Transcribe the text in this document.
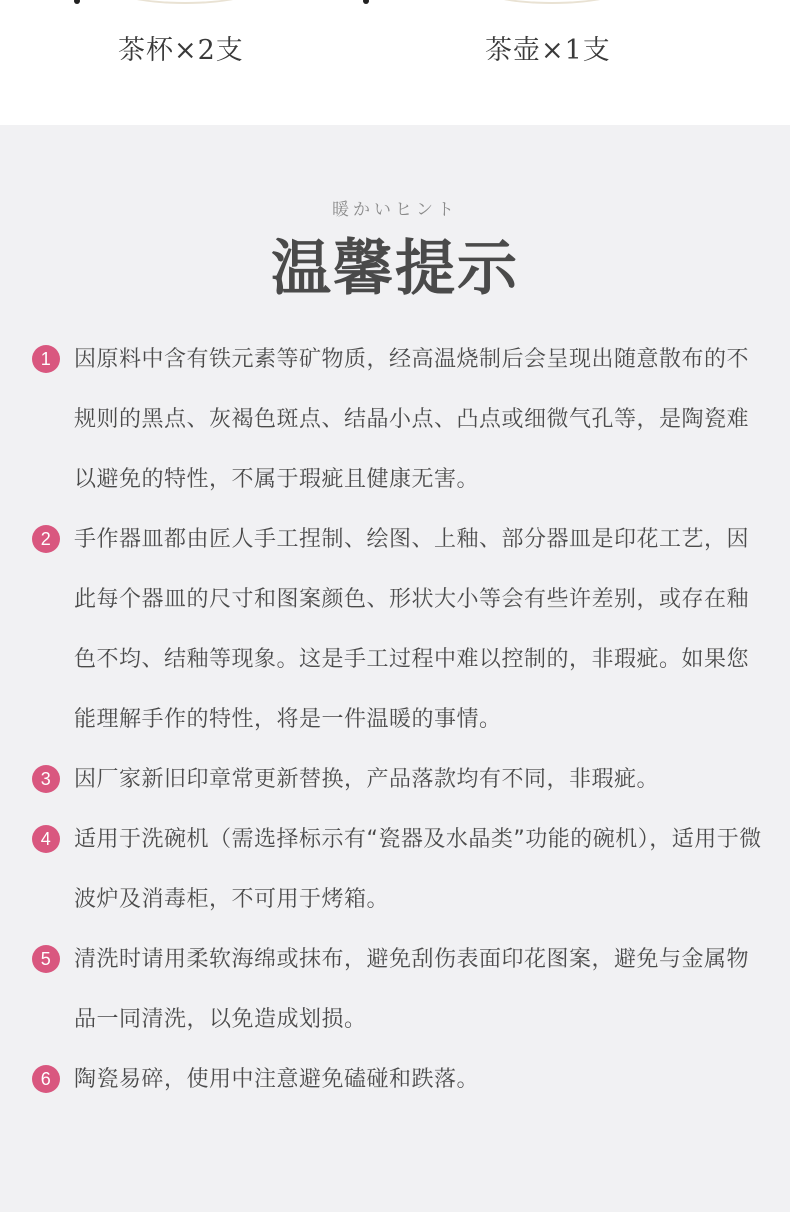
茶杯×2支	茶壶×1支
暖かいヒント
温馨提示
1	因原料中含有铁元素等矿物质，经高温烧制后会呈现出随意散布的不规则的黑点、灰褐色斑点、结晶小点、凸点或细微气孔等，是陶瓷难以避免的特性，不属于瑕疵且健康无害。
2	手作器皿都由匠人手工捏制、绘图、上釉、部分器皿是印花工艺，因此每个器皿的尺寸和图案颜色、形状大小等会有些许差别，或存在釉色不均、结釉等现象。这是手工过程中难以控制的，非瑕疵。如果您能理解手作的特性，将是一件温暖的事情。
3	因厂家新旧印章常更新替换，产品落款均有不同，非瑕疵。
4	适用于洗碗机（需选择标示有“瓷器及水晶类”功能的碗机），适用于微波炉及消毒柜，不可用于烤箱。
5	清洗时请用柔软海绵或抹布，避免刮伤表面印花图案，避免与金属物品一同清洗，以免造成划损。
6	陶瓷易碎，使用中注意避免磕碰和跌落。
